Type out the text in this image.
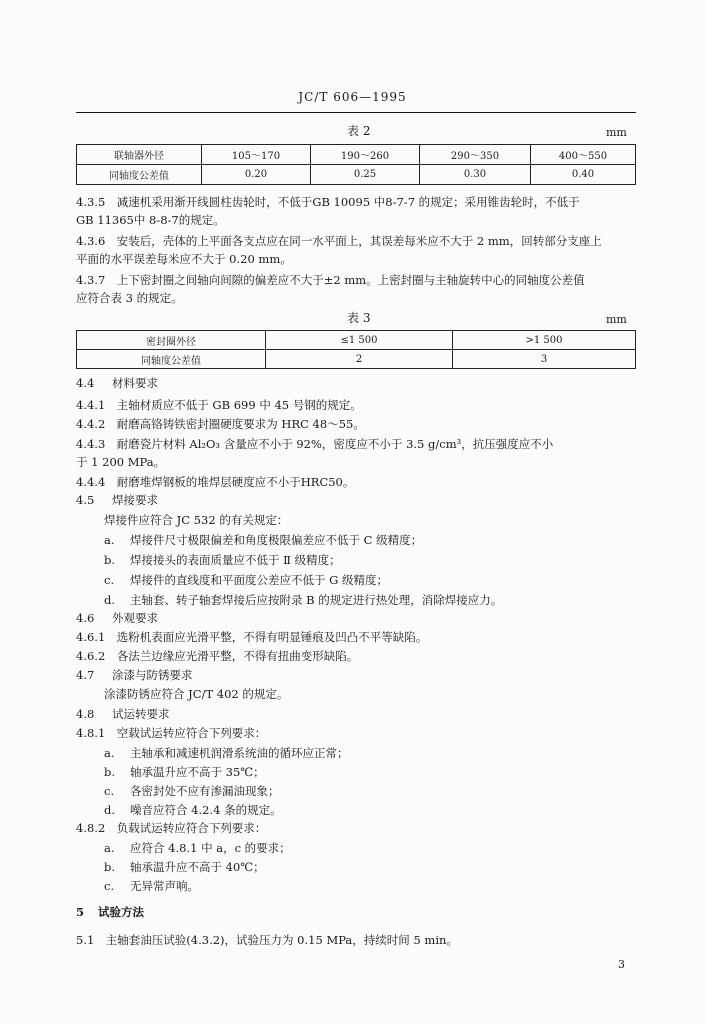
JC/T 606—1995
表 2	mm
联轴器外径	105～170	190～260	290～350	400～550
同轴度公差值	0.20	0.25	0.30	0.40
4.3.5　减速机采用渐开线圆柱齿轮时，不低于GB 10095 中8-7-7 的规定；采用锥齿轮时，不低于
GB 11365中 8-8-7的规定。
4.3.6　安装后，壳体的上平面各支点应在同一水平面上，其误差每米应不大于 2 mm，回转部分支座上
平面的水平误差每米应不大于 0.20 mm。
4.3.7　上下密封圈之间轴向间隙的偏差应不大于±2 mm。上密封圈与主轴旋转中心的同轴度公差值
应符合表 3 的规定。
表 3	mm
密封圈外径	≤1 500	>1 500
同轴度公差值	2	3
4.4 材料要求
4.4.1　主轴材质应不低于 GB 699 中 45 号钢的规定。
4.4.2　耐磨高铬铸铁密封圈硬度要求为 HRC 48～55。
4.4.3　耐磨瓷片材料 Al₂O₃ 含量应不小于 92%，密度应不小于 3.5 g/cm³，抗压强度应不小
于 1 200 MPa。
4.4.4　耐磨堆焊钢板的堆焊层硬度应不小于HRC50。
4.5 焊接要求
焊接件应符合 JC 532 的有关规定：
a. 焊接件尺寸极限偏差和角度极限偏差应不低于 C 级精度；
b. 焊接接头的表面质量应不低于 Ⅱ 级精度；
c. 焊接件的直线度和平面度公差应不低于 G 级精度；
d. 主轴套、转子轴套焊接后应按附录 B 的规定进行热处理，消除焊接应力。
4.6 外观要求
4.6.1　选粉机表面应光滑平整，不得有明显锤痕及凹凸不平等缺陷。
4.6.2　各法兰边缘应光滑平整，不得有扭曲变形缺陷。
4.7 涂漆与防锈要求
涂漆防锈应符合 JC/T 402 的规定。
4.8 试运转要求
4.8.1　空载试运转应符合下列要求：
a. 主轴承和减速机润滑系统油的循环应正常；
b. 轴承温升应不高于 35℃；
c. 各密封处不应有渗漏油现象；
d. 噪音应符合 4.2.4 条的规定。
4.8.2　负载试运转应符合下列要求：
a. 应符合 4.8.1 中 a，c 的要求；
b. 轴承温升应不高于 40℃；
c. 无异常声响。
5 试验方法
5.1　主轴套油压试验(4.3.2)，试验压力为 0.15 MPa，持续时间 5 min。
3
